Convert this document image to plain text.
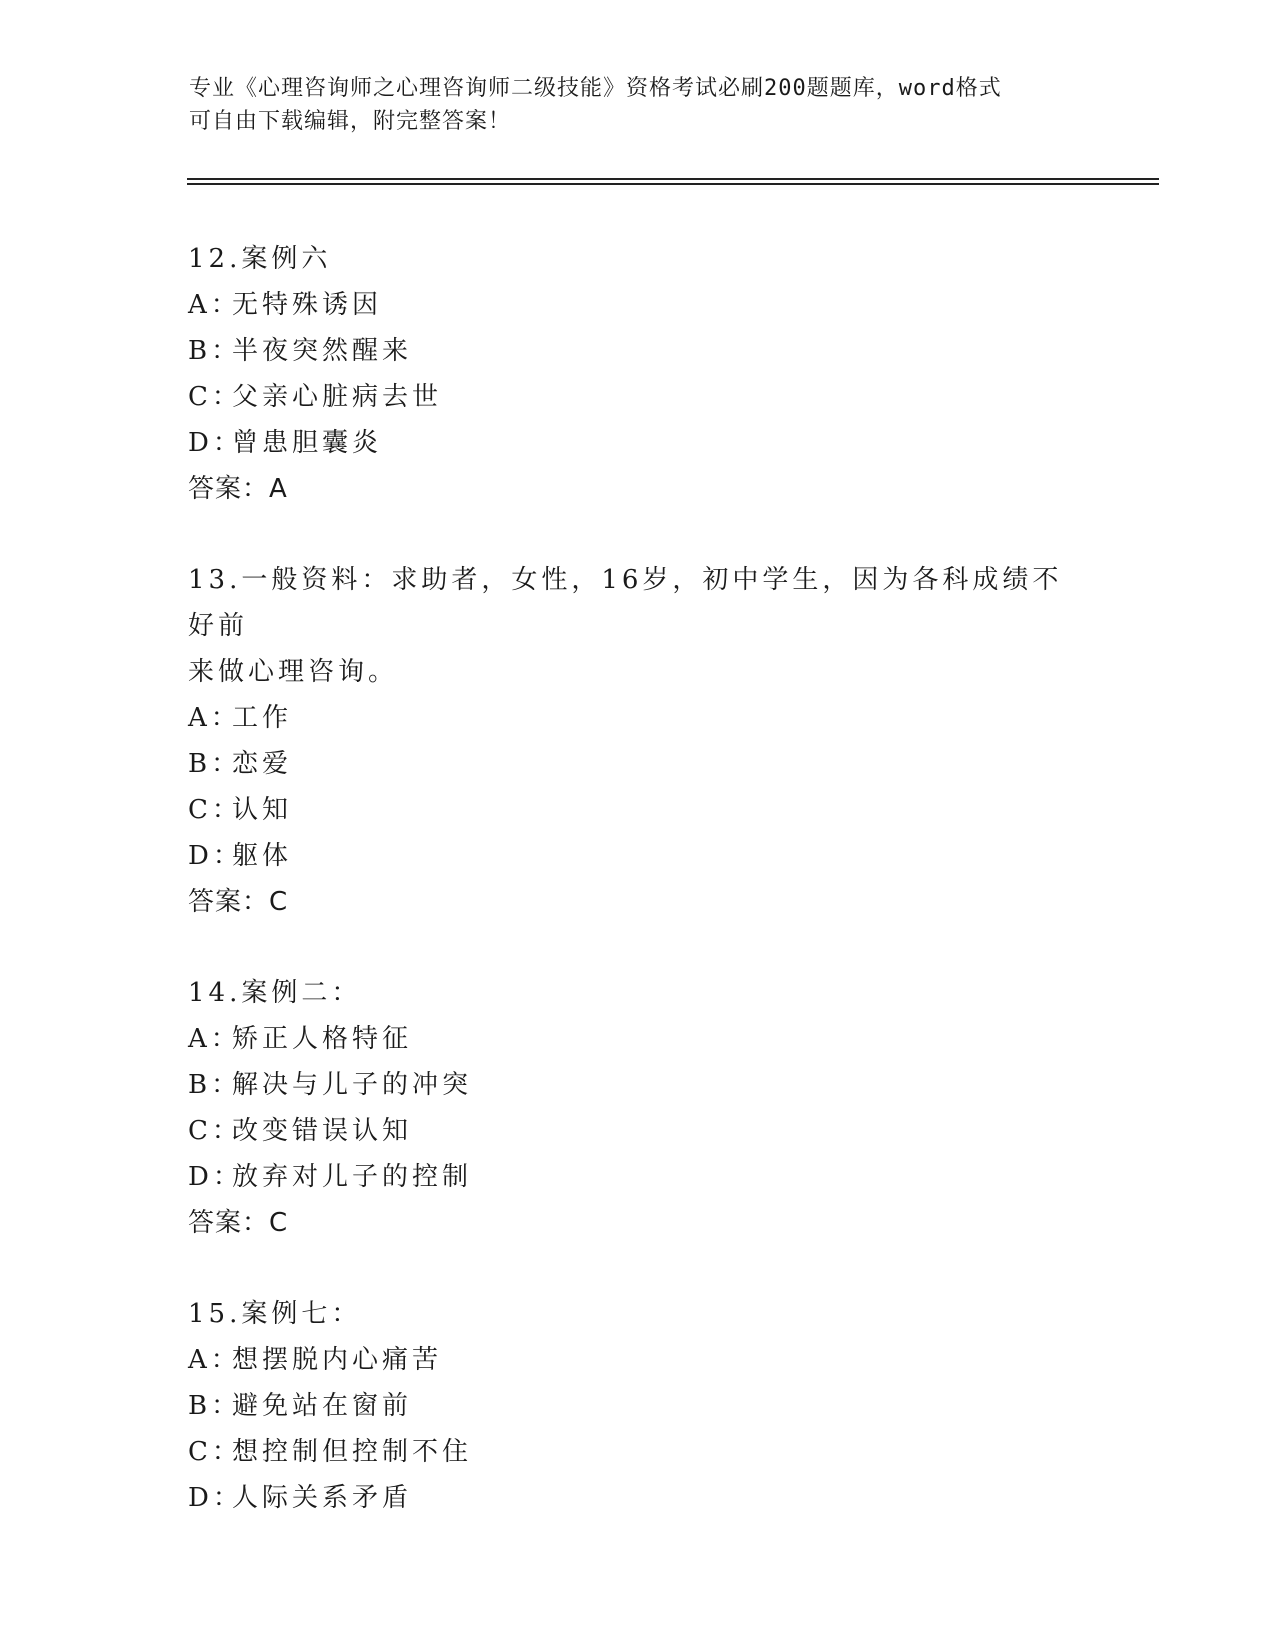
专业《心理咨询师之心理咨询师二级技能》资格考试必刷200题题库，word格式
可自由下载编辑，附完整答案！
12.案例六
A：
无特殊诱因
B：
半夜突然醒来
C：
父亲心脏病去世
D：
曾患胆囊炎
答案：A
13.一般资料：求助者，女性，16岁，初中学生，因为各科成绩不好前
来做心理咨询。
A：
工作
B：
恋爱
C：
认知
D：
躯体
答案：C
14.案例二：
A：
矫正人格特征
B：
解决与儿子的冲突
C：
改变错误认知
D：
放弃对儿子的控制
答案：C
15.案例七：
A：
想摆脱内心痛苦
B：
避免站在窗前
C：
想控制但控制不住
D：
人际关系矛盾
